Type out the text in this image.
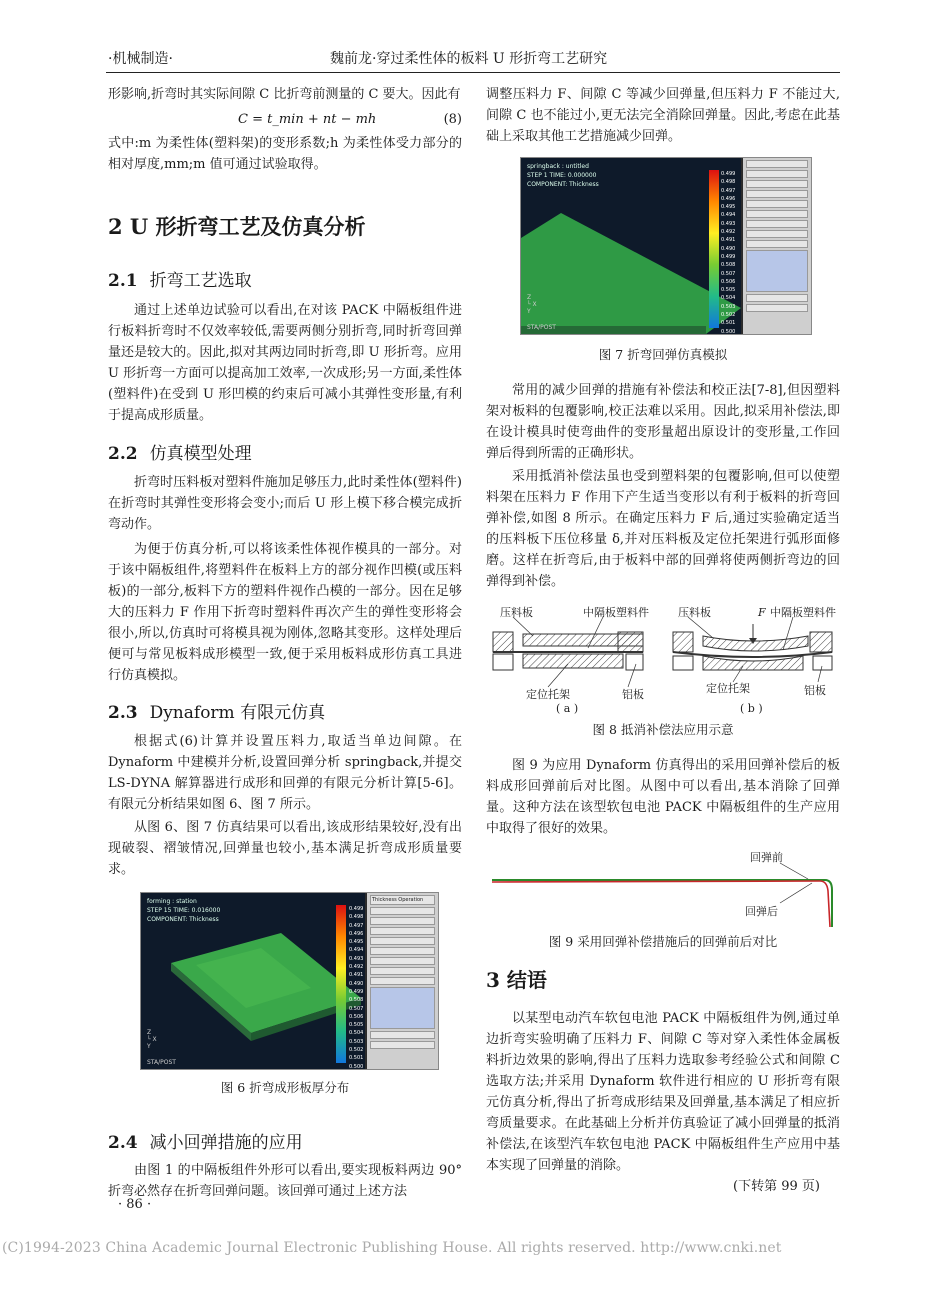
·机械制造·	魏前龙·穿过柔性体的板料 U 形折弯工艺研究

形影响,折弯时其实际间隙 C 比折弯前测量的 C 要大。因此有

C = t_min + nt − mh	(8)

式中:m 为柔性体(塑料架)的变形系数;h 为柔性体受力部分的相对厚度,mm;m 值可通过试验取得。

2 U 形折弯工艺及仿真分析
2.1 折弯工艺选取

通过上述单边试验可以看出,在对该 PACK 中隔板组件进行板料折弯时不仅效率较低,需要两侧分别折弯,同时折弯回弹量还是较大的。因此,拟对其两边同时折弯,即 U 形折弯。应用 U 形折弯一方面可以提高加工效率,一次成形;另一方面,柔性体(塑料件)在受到 U 形凹模的约束后可减小其弹性变形量,有利于提高成形质量。

2.2 仿真模型处理

折弯时压料板对塑料件施加足够压力,此时柔性体(塑料件)在折弯时其弹性变形将会变小;而后 U 形上模下移合模完成折弯动作。

为便于仿真分析,可以将该柔性体视作模具的一部分。对于该中隔板组件,将塑料件在板料上方的部分视作凹模(或压料板)的一部分,板料下方的塑料件视作凸模的一部分。因在足够大的压料力 F 作用下折弯时塑料件再次产生的弹性变形将会很小,所以,仿真时可将模具视为刚体,忽略其变形。这样处理后便可与常见板料成形模型一致,便于采用板料成形仿真工具进行仿真模拟。

2.3 Dynaform 有限元仿真

根据式(6)计算并设置压料力,取适当单边间隙。在 Dynaform 中建模并分析,设置回弹分析 springback,并提交 LS-DYNA 解算器进行成形和回弹的有限元分析计算[5-6]。有限元分析结果如图 6、图 7 所示。

从图 6、图 7 仿真结果可以看出,该成形结果较好,没有出现破裂、褶皱情况,回弹量也较小,基本满足折弯成形质量要求。

forming : station
STEP 15 TIME: 0.016000
COMPONENT: Thickness
Z
└ X
Y
STA/POST
0.499
0.498
0.497
0.496
0.495
0.494
0.493
0.492
0.491
0.490
0.499
0.508
0.507
0.506
0.505
0.504
0.503
0.502
0.501
0.500
Thickness Operation
图 6 折弯成形板厚分布
2.4 减小回弹措施的应用

由图 1 的中隔板组件外形可以看出,要实现板料两边 90°折弯必然存在折弯回弹问题。该回弹可通过上述方法

调整压料力 F、间隙 C 等减少回弹量,但压料力 F 不能过大,间隙 C 也不能过小,更无法完全消除回弹量。因此,考虑在此基础上采取其他工艺措施减少回弹。

springback : untitled
STEP 1 TIME: 0.000000
COMPONENT: Thickness
Z
└ X
Y
STA/POST
0.499
0.498
0.497
0.496
0.495
0.494
0.493
0.492
0.491
0.490
0.499
0.508
0.507
0.506
0.505
0.504
0.503
0.502
0.501
0.500
图 7 折弯回弹仿真模拟

常用的减少回弹的措施有补偿法和校正法[7-8],但因塑料架对板料的包覆影响,校正法难以采用。因此,拟采用补偿法,即在设计模具时使弯曲件的变形量超出原设计的变形量,工作回弹后得到所需的正确形状。

采用抵消补偿法虽也受到塑料架的包覆影响,但可以使塑料架在压料力 F 作用下产生适当变形以有利于板料的折弯回弹补偿,如图 8 所示。在确定压料力 F 后,通过实验确定适当的压料板下压位移量 δ,并对压料板及定位托架进行弧形面修磨。这样在折弯后,由于板料中部的回弹将使两侧折弯边的回弹得到补偿。

压料板	中隔板塑料件
定位托架	铝板
( a )
压料板	F 中隔板塑料件
定位托架	铝板
( b )
图 8 抵消补偿法应用示意

图 9 为应用 Dynaform 仿真得出的采用回弹补偿后的板料成形回弹前后对比图。从图中可以看出,基本消除了回弹量。这种方法在该型软包电池 PACK 中隔板组件的生产应用中取得了很好的效果。

回弹前
回弹后
图 9 采用回弹补偿措施后的回弹前后对比
3 结语

以某型电动汽车软包电池 PACK 中隔板组件为例,通过单边折弯实验明确了压料力 F、间隙 C 等对穿入柔性体金属板料折边效果的影响,得出了压料力选取参考经验公式和间隙 C 选取方法;并采用 Dynaform 软件进行相应的 U 形折弯有限元仿真分析,得出了折弯成形结果及回弹量,基本满足了相应折弯质量要求。在此基础上分析并仿真验证了减小回弹量的抵消补偿法,在该型汽车软包电池 PACK 中隔板组件生产应用中基本实现了回弹量的消除。

(下转第 99 页)

· 86 ·
(C)1994-2023 China Academic Journal Electronic Publishing House. All rights reserved. http://www.cnki.net
